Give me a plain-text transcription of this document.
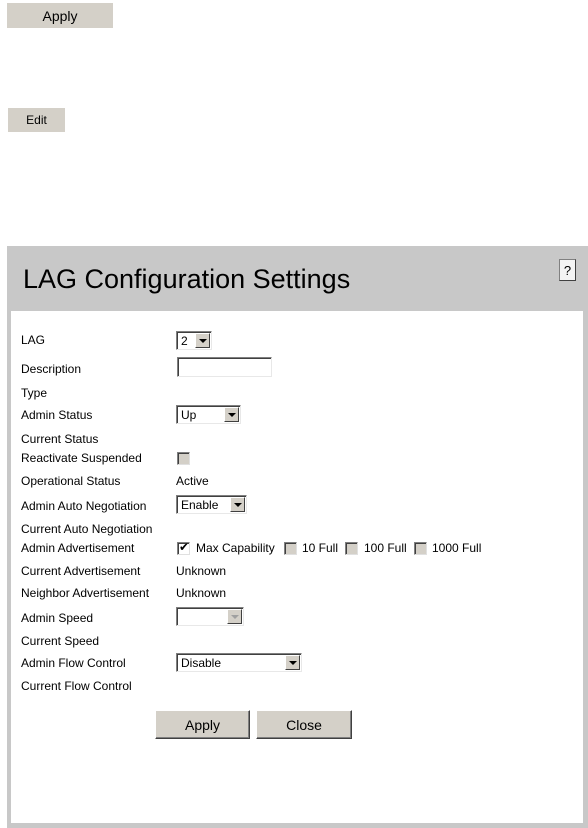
Apply
Edit
LAG Configuration Settings	?
LAG	2
Description
Type
Admin Status	Up
Current Status
Reactivate Suspended
Operational Status	Active
Admin Auto Negotiation	Enable
Current Auto Negotiation
Admin Advertisement	✔ Max Capability 10 Full 100 Full 1000 Full
Current Advertisement	Unknown
Neighbor Advertisement Unknown
Admin Speed
Current Speed
Admin Flow Control	Disable
Current Flow Control
Apply	Close
